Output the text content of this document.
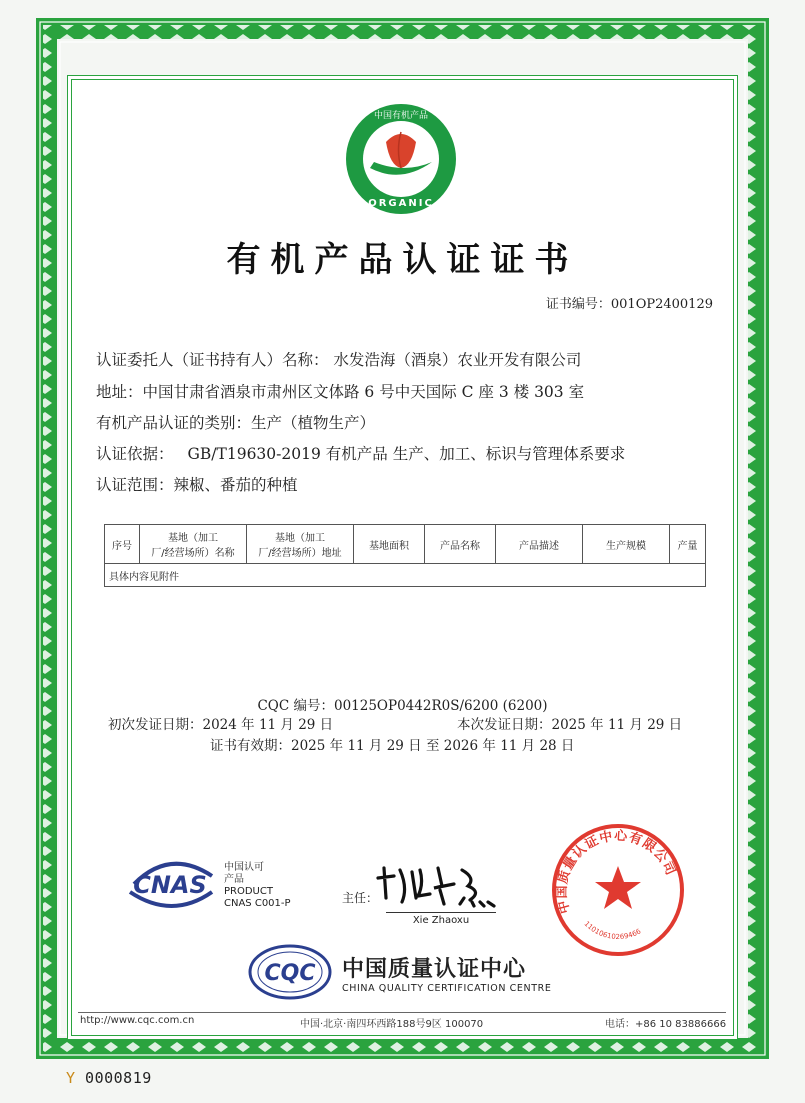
中国有机产品
ORGANIC
有机产品认证证书
证书编号：001OP2400129
认证委托人（证书持有人）名称： 水发浩海（酒泉）农业开发有限公司
地址：中国甘肃省酒泉市肃州区文体路 6 号中天国际 C 座 3 楼 303 室
有机产品认证的类别：生产（植物生产）
认证依据： GB/T19630-2019 有机产品 生产、加工、标识与管理体系要求
认证范围：辣椒、番茄的种植
序号	基地（加工
厂/经营场所）名称	基地（加工
厂/经营场所）地址	基地面积	产品名称	产品描述	生产规模	产量
具体内容见附件
CQC 编号：00125OP0442R0S/6200 (6200)
初次发证日期：2024 年 11 月 29 日	本次发证日期：2025 年 11 月 29 日
证书有效期：2025 年 11 月 29 日 至 2026 年 11 月 28 日
CNAS
中国认可
产品
PRODUCT
CNAS C001-P	主任：
Xie Zhaoxu
中国质量认证中心有限公司
11010610269466
CQC 中国质量认证中心
CHINA QUALITY CERTIFICATION CENTRE
http://www.cqc.com.cn	中国·北京·南四环西路188号9区 100070	电话：+86 10 83886666
Y 0000819
